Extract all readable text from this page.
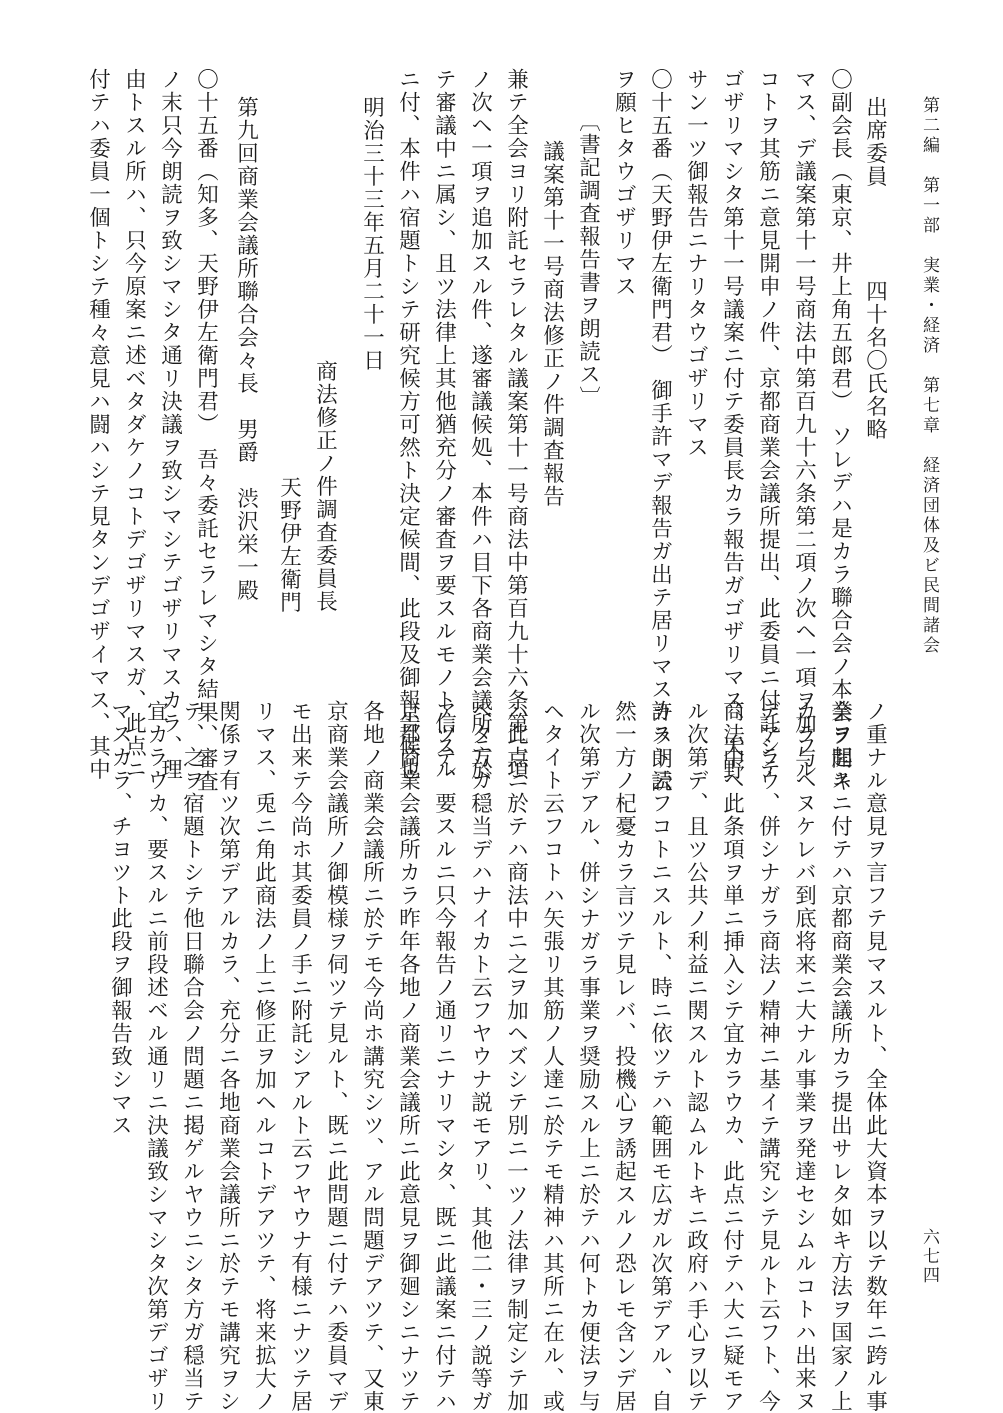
第二編　第一部　実業・経済　第七章　経済団体及ビ民間諸会
六七四
出席委員　　　　四十名〇氏名略
〇副会長（東京、井上角五郎君）　ソレデハ是カラ聯合会ノ本会ヲ開キ
マス、デ議案第十一号商法中第百九十六条第二項ノ次ヘ一項ヲ加フル
コトヲ其筋ニ意見開申ノ件、京都商業会議所提出、此委員ニ付託シテ
ゴザリマシタ第十一号議案ニ付テ委員長カラ報告ガゴザリマス、天野
サン一ツ御報告ニナリタウゴザリマス
〇十五番（天野伊左衛門君）　御手許マデ報告ガ出テ居リマスカラ朗読
ヲ願ヒタウゴザリマス
〔書記調査報告書ヲ朗読ス〕
議案第十一号商法修正ノ件調査報告
兼テ全会ヨリ附託セラレタル議案第十一号商法中第百九十六条第二項
ノ次ヘ一項ヲ追加スル件、遂審議候処、本件ハ目下各商業会議所ニ於
テ審議中ニ属シ、且ツ法律上其他猶充分ノ審査ヲ要スルモノト信スル
ニ付、本件ハ宿題トシテ研究候方可然ト決定候間、此段及御報告候也
明治三十三年五月二十一日
商法修正ノ件調査委員長
天野伊左衛門
第九回商業会議所聯合会々長　男爵　渋沢栄一殿
〇十五番（知多、天野伊左衛門君）　吾々委託セラレマシタ結果、審査
ノ末只今朗読ヲ致シマシタ通リ決議ヲ致シマシテゴザリマスカラ、理
由トスル所ハ、只今原案ニ述ベタダケノコトデゴザリマスガ、此点ニ
付テハ委員一個トシテ種々意見ハ闘ハシテ見タンデゴザイマス、其中
ノ重ナル意見ヲ言フテ見マスルト、全体此大資本ヲ以テ数年ニ跨ル事
業ヲ起スニ付テハ京都商業会議所カラ提出サレタ如キ方法ヲ国家ノ上
カラ与ヘヌケレバ到底将来ニ大ナル事業ヲ発達セシムルコトハ出来ヌ
デアラウ、併シナガラ商法ノ精神ニ基イテ講究シテ見ルト云フト、今
商法中ヘ此条項ヲ単ニ挿入シテ宜カラウカ、此点ニ付テハ大ニ疑モア
ル次第デ、且ツ公共ノ利益ニ関スルト認ムルトキニ政府ハ手心ヲ以テ
許スト云フコトニスルト、時ニ依ツテハ範囲モ広ガル次第デアル、自
然一方ノ杞憂カラ言ツテ見レバ、投機心ヲ誘起スルノ恐レモ含ンデ居
ル次第デアル、併シナガラ事業ヲ奨励スル上ニ於テハ何トカ便法ヲ与
ヘタイト云フコトハ矢張リ其筋ノ人達ニ於テモ精神ハ其所ニ在ル、或
ハ此点ニ於テハ商法中ニ之ヲ加ヘズシテ別ニ一ツノ法律ヲ制定シテ加
ヘタ方ガ穏当デハナイカト云フヤウナ説モアリ、其他二・三ノ説等ガ
アツテ、要スルニ只今報告ノ通リニナリマシタ、既ニ此議案ニ付テハ
京都商業会議所カラ昨年各地ノ商業会議所ニ此意見ヲ御廻シニナツテ
各地ノ商業会議所ニ於テモ今尚ホ講究シツ、アル問題デアツテ、又東
京商業会議所ノ御模様ヲ伺ツテ見ルト、既ニ此問題ニ付テハ委員マデ
モ出来テ今尚ホ其委員ノ手ニ附託シアルト云フヤウナ有様ニナツテ居
リマス、兎ニ角此商法ノ上ニ修正ヲ加ヘルコトデアツテ、将来拡大ノ
関係ヲ有ツ次第デアルカラ、充分ニ各地商業会議所ニ於テモ講究ヲシ
テ、之ヲ宿題トシテ他日聯合会ノ問題ニ掲ゲルヤウニシタ方ガ穏当テ
宜カラウカ、要スルニ前段述ベル通リニ決議致シマシタ次第デゴザリ
マスカラ、チヨツト此段ヲ御報告致シマス
